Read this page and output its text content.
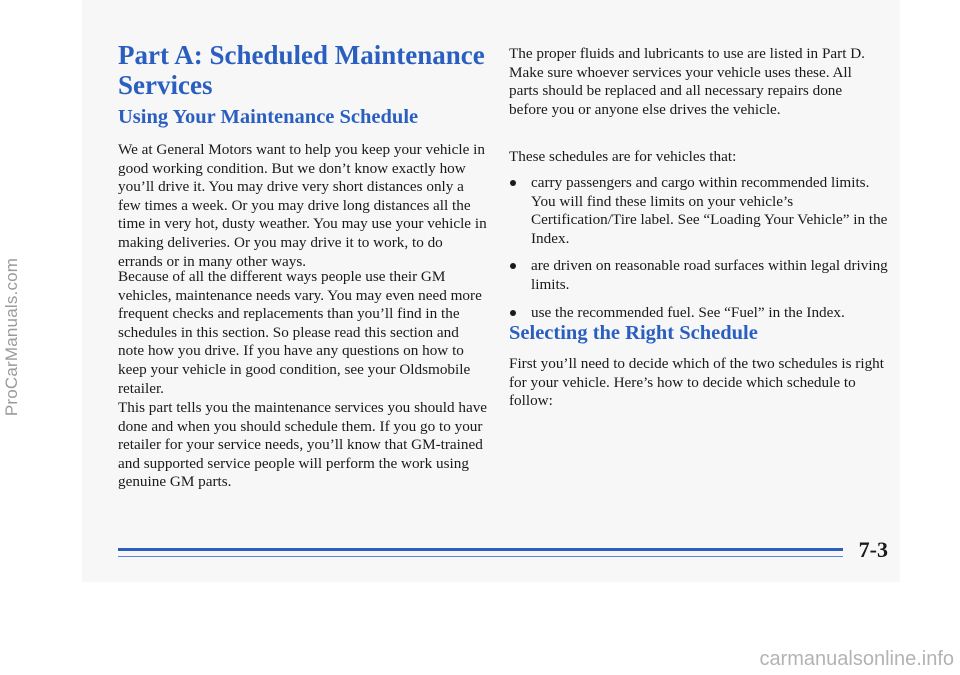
Part A: Scheduled Maintenance Services
Using Your Maintenance Schedule

We at General Motors want to help you keep your vehicle in good working condition. But we don’t know exactly how you’ll drive it. You may drive very short distances only a few times a week. Or you may drive long distances all the time in very hot, dusty weather. You may use your vehicle in making deliveries. Or you may drive it to work, to do errands or in many other ways.

Because of all the different ways people use their GM vehicles, maintenance needs vary. You may even need more frequent checks and replacements than you’ll find in the schedules in this section. So please read this section and note how you drive. If you have any questions on how to keep your vehicle in good condition, see your Oldsmobile retailer.

This part tells you the maintenance services you should have done and when you should schedule them. If you go to your retailer for your service needs, you’ll know that GM-trained and supported service people will perform the work using genuine GM parts.

The proper fluids and lubricants to use are listed in Part D. Make sure whoever services your vehicle uses these. All parts should be replaced and all necessary repairs done before you or anyone else drives the vehicle.

These schedules are for vehicles that:

carry passengers and cargo within recommended limits. You will find these limits on your vehicle’s Certification/Tire label. See “Loading Your Vehicle” in the Index.
are driven on reasonable road surfaces within legal driving limits.
use the recommended fuel. See “Fuel” in the Index.
Selecting the Right Schedule

First you’ll need to decide which of the two schedules is right for your vehicle. Here’s how to decide which schedule to follow:

7-3
ProCarManuals.com
carmanualsonline.info
